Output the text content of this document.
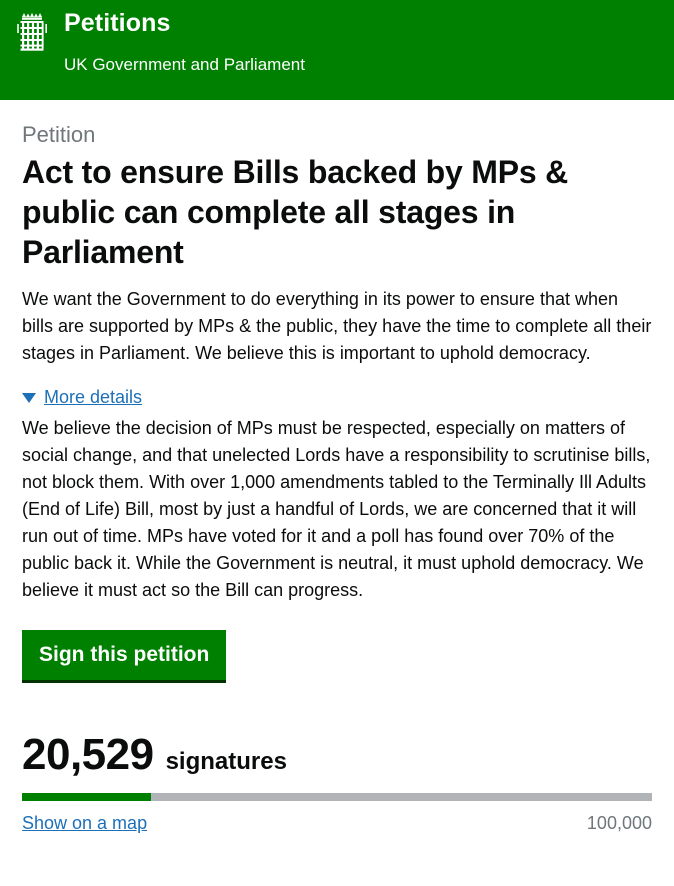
Petitions
UK Government and Parliament
Petition
Act to ensure Bills backed by MPs & public can complete all stages in Parliament

We want the Government to do everything in its power to ensure that when bills are supported by MPs & the public, they have the time to complete all their stages in Parliament. We believe this is important to uphold democracy.

More details

We believe the decision of MPs must be respected, especially on matters of social change, and that unelected Lords have a responsibility to scrutinise bills, not block them. With over 1,000 amendments tabled to the Terminally Ill Adults (End of Life) Bill, most by just a handful of Lords, we are concerned that it will run out of time. MPs have voted for it and a poll has found over 70% of the public back it. While the Government is neutral, it must uphold democracy. We believe it must act so the Bill can progress.

Sign this petition
20,529 signatures
Show on a map	100,000
